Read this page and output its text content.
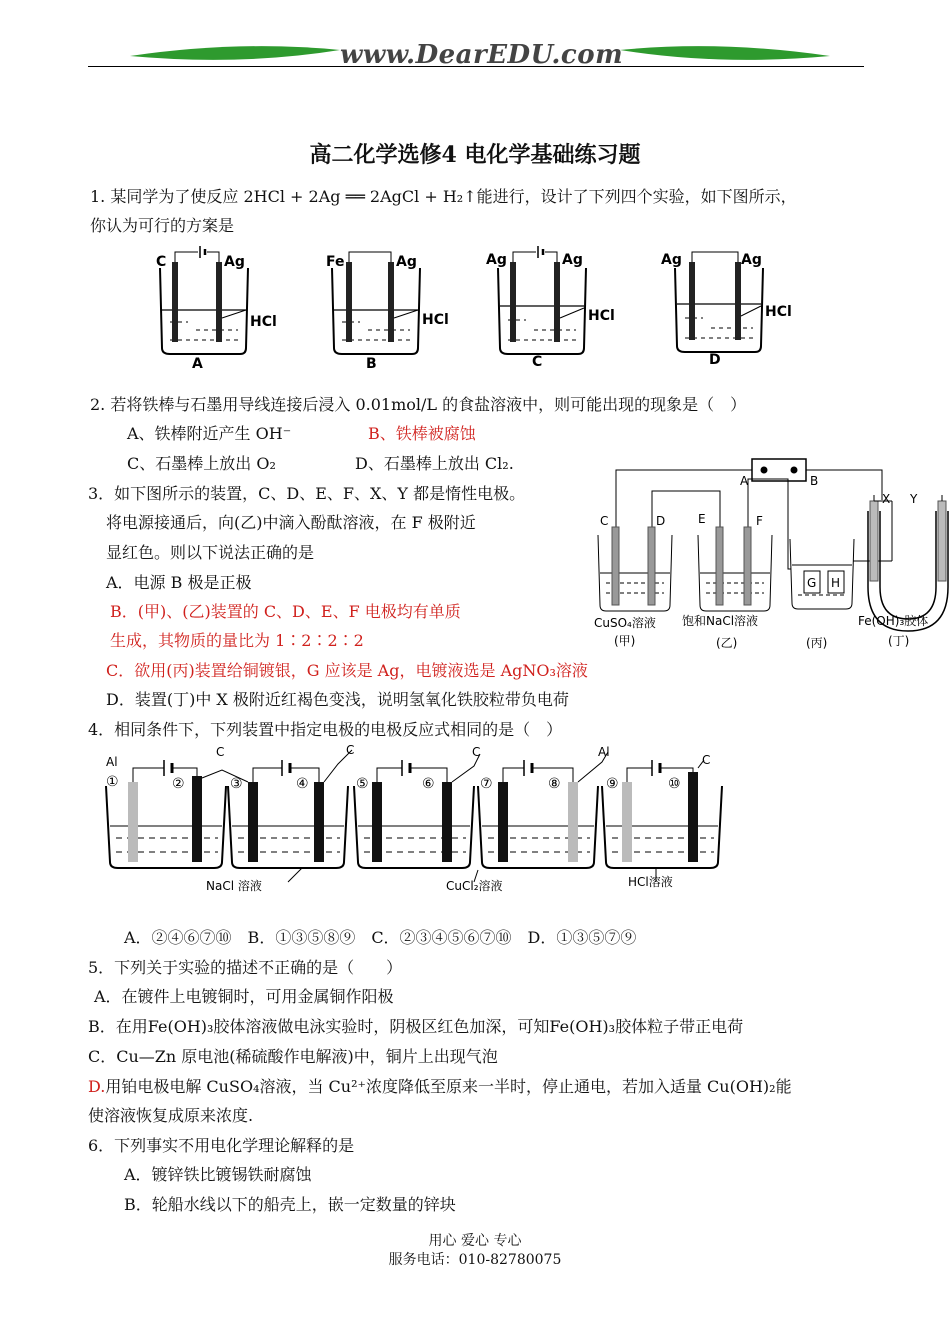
www.DearEDU.com
高二化学选修4 电化学基础练习题
1. 某同学为了使反应 2HCl + 2Ag ══ 2AgCl + H₂↑能进行，设计了下列四个实验，如下图所示，
你认为可行的方案是
C	Ag
HCl
A
Fe	Ag
HCl
B
Ag	Ag
HCl
C
Ag	Ag
HCl
D
2. 若将铁棒与石墨用导线连接后浸入 0.01mol/L 的食盐溶液中，则可能出现的现象是（　）
A、铁棒附近产生 OH⁻	B、铁棒被腐蚀
C、石墨棒上放出 O₂	D、石墨棒上放出 Cl₂.
3．如下图所示的装置，C、D、E、F、X、Y 都是惰性电极。
将电源接通后，向(乙)中滴入酚酞溶液，在 F 极附近
显红色。则以下说法正确的是
A．电源 B 极是正极
B．(甲)、(乙)装置的 C、D、E、F 电极均有单质
生成，其物质的量比为 1∶2∶2∶2
C．欲用(丙)装置给铜镀银，G 应该是 Ag，电镀液选是 AgNO₃溶液
D．装置(丁)中 X 极附近红褐色变浅，说明氢氧化铁胶粒带负电荷
A	B
C	D	E	F
G H
X Y
CuSO₄溶液
(甲)
饱和NaCl溶液
(乙)	(丙)
Fe(OH)₃胶体
(丁)
4．相同条件下，下列装置中指定电极的电极反应式相同的是（　）
Al
C	C	C	Al
C
①	②	③	④	⑤	⑥	⑦	⑧	⑨	⑩
NaCl 溶液	CuCl₂溶液	HCl溶液
A．②④⑥⑦⑩　B．①③⑤⑧⑨　C．②③④⑤⑥⑦⑩　D．①③⑤⑦⑨
5．下列关于实验的描述不正确的是（　　）
A．在镀件上电镀铜时，可用金属铜作阳极
B．在用Fe(OH)₃胶体溶液做电泳实验时，阴极区红色加深，可知Fe(OH)₃胶体粒子带正电荷
C．Cu—Zn 原电池(稀硫酸作电解液)中，铜片上出现气泡
D.用铂电极电解 CuSO₄溶液，当 Cu²⁺浓度降低至原来一半时，停止通电，若加入适量 Cu(OH)₂能
使溶液恢复成原来浓度.
6．下列事实不用电化学理论解释的是
A．镀锌铁比镀锡铁耐腐蚀
B．轮船水线以下的船壳上，嵌一定数量的锌块
用心 爱心 专心
服务电话：010-82780075
